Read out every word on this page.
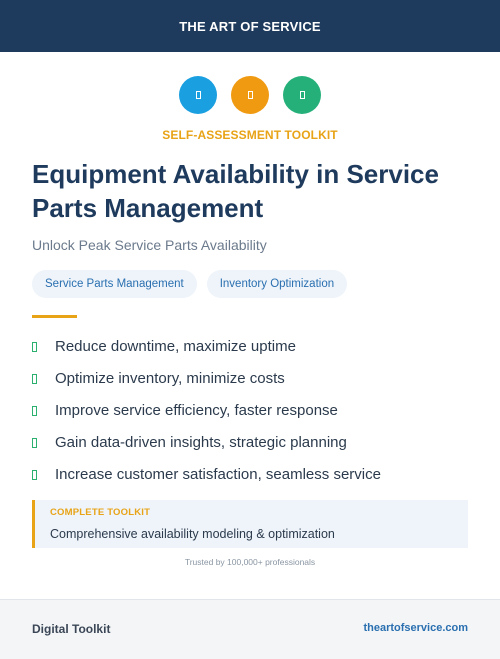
THE ART OF SERVICE
SELF-ASSESSMENT TOOLKIT
Equipment Availability in Service Parts Management
Unlock Peak Service Parts Availability
Service Parts Management	Inventory Optimization
Reduce downtime, maximize uptime
Optimize inventory, minimize costs
Improve service efficiency, faster response
Gain data-driven insights, strategic planning
Increase customer satisfaction, seamless service
COMPLETE TOOLKIT
Comprehensive availability modeling & optimization
Trusted by 100,000+ professionals
Digital Toolkit	theartofservice.com
